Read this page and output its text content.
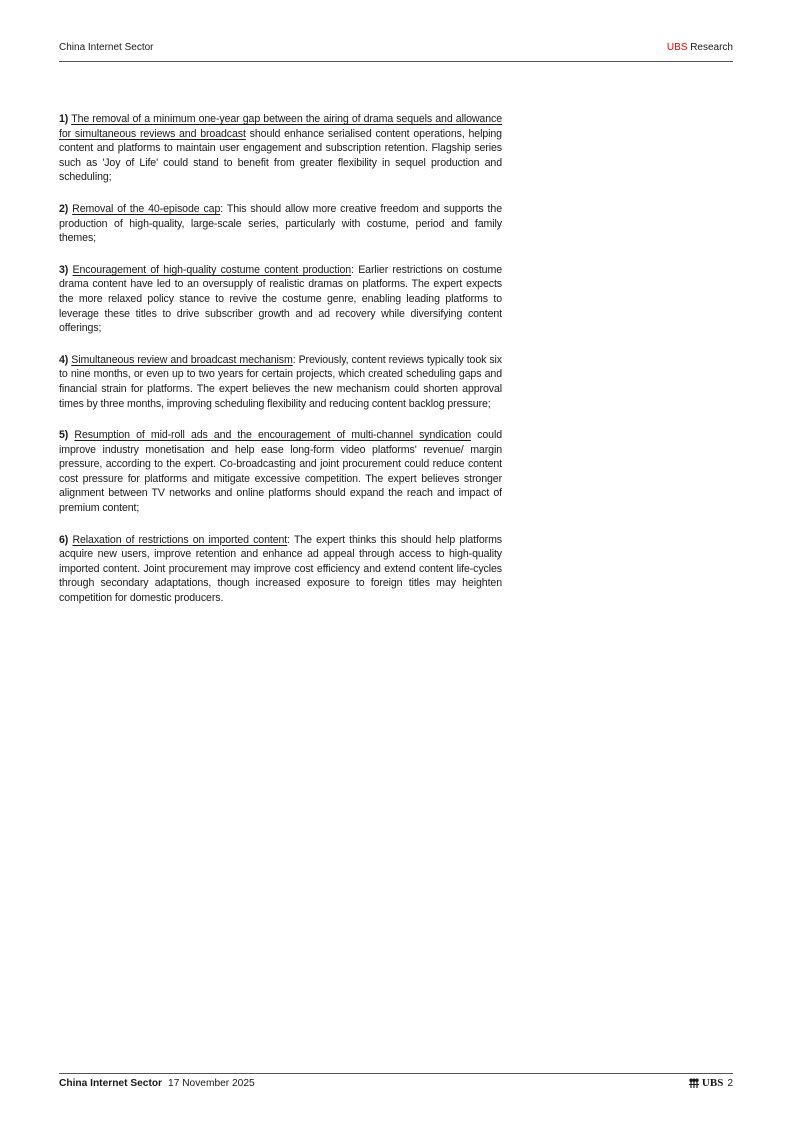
China Internet Sector	UBS Research

1) The removal of a minimum one-year gap between the airing of drama sequels and allowance for simultaneous reviews and broadcast should enhance serialised content operations, helping content and platforms to maintain user engagement and subscription retention. Flagship series such as 'Joy of Life' could stand to benefit from greater flexibility in sequel production and scheduling;

2) Removal of the 40-episode cap: This should allow more creative freedom and supports the production of high-quality, large-scale series, particularly with costume, period and family themes;

3) Encouragement of high-quality costume content production: Earlier restrictions on costume drama content have led to an oversupply of realistic dramas on platforms. The expert expects the more relaxed policy stance to revive the costume genre, enabling leading platforms to leverage these titles to drive subscriber growth and ad recovery while diversifying content offerings;

4) Simultaneous review and broadcast mechanism: Previously, content reviews typically took six to nine months, or even up to two years for certain projects, which created scheduling gaps and financial strain for platforms. The expert believes the new mechanism could shorten approval times by three months, improving scheduling flexibility and reducing content backlog pressure;

5) Resumption of mid-roll ads and the encouragement of multi-channel syndication could improve industry monetisation and help ease long-form video platforms' revenue/ margin pressure, according to the expert. Co-broadcasting and joint procurement could reduce content cost pressure for platforms and mitigate excessive competition. The expert believes stronger alignment between TV networks and online platforms should expand the reach and impact of premium content;

6) Relaxation of restrictions on imported content: The expert thinks this should help platforms acquire new users, improve retention and enhance ad appeal through access to high-quality imported content. Joint procurement may improve cost efficiency and extend content life-cycles through secondary adaptations, though increased exposure to foreign titles may heighten competition for domestic producers.

China Internet Sector 17 November 2025	UBS 2
